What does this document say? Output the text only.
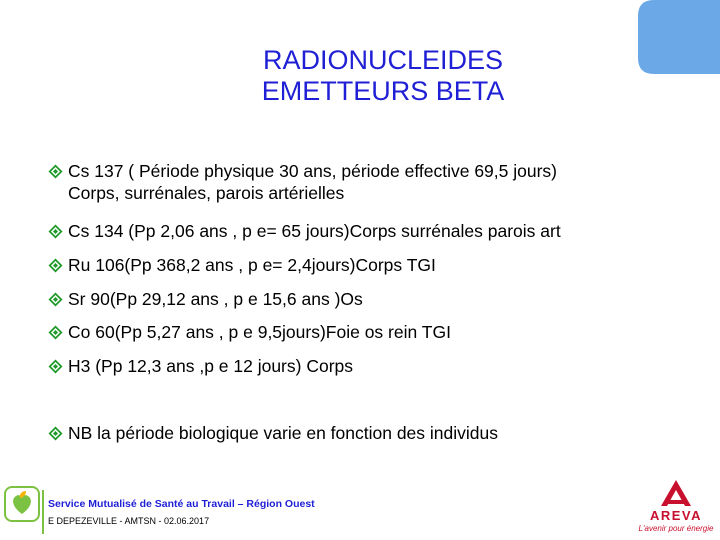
RADIONUCLEIDES
EMETTEURS BETA
Cs 137 ( Période physique 30 ans, période effective 69,5 jours)
Corps, surrénales, parois artérielles
Cs 134 (Pp 2,06 ans , p e= 65 jours)Corps surrénales parois art
Ru 106(Pp 368,2 ans , p e= 2,4jours)Corps TGI
Sr 90(Pp 29,12 ans , p e 15,6 ans )Os
Co 60(Pp 5,27 ans , p e 9,5jours)Foie os rein TGI
H3 (Pp 12,3 ans ,p e 12 jours) Corps
NB la période biologique varie en fonction des individus
Service Mutualisé de Santé au Travail – Région Ouest
E DEPEZEVILLE - AMTSN - 02.06.2017	AREVA
L'avenir pour énergie
